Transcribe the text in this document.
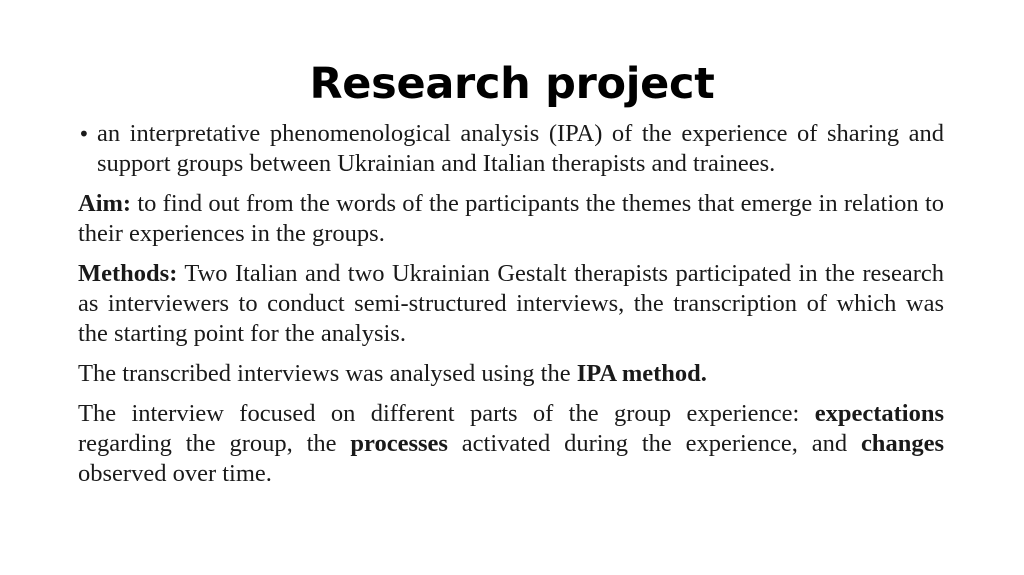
Research project

• an interpretative phenomenological analysis (IPA) of the experience of sharing and support groups between Ukrainian and Italian therapists and trainees.

Aim: to find out from the words of the participants the themes that emerge in relation to their experiences in the groups.

Methods: Two Italian and two Ukrainian Gestalt therapists participated in the research as interviewers to conduct semi-structured interviews, the transcription of which was the starting point for the analysis.

The transcribed interviews was analysed using the IPA method.

The interview focused on different parts of the group experience: expectations regarding the group, the processes activated during the experience, and changes observed over time.
